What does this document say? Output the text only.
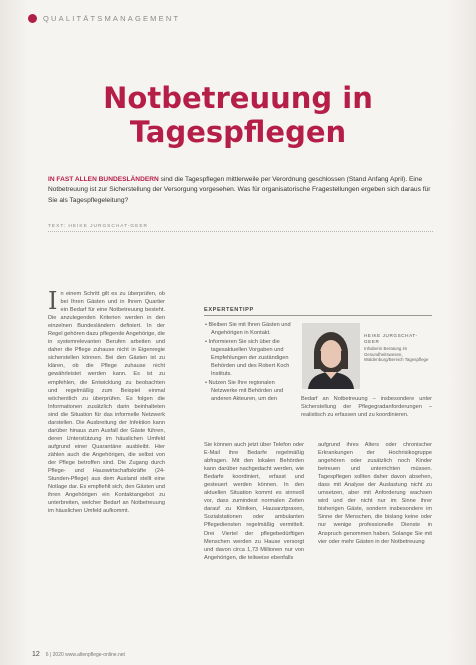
QUALITÄTSMANAGEMENT
Notbetreuung in
Tagespflegen
IN FAST ALLEN BUNDESLÄNDERN sind die Tagespflegen mittlerweile per Verordnung geschlossen (Stand Anfang April). Eine Notbetreuung ist zur Sicherstellung der Versorgung vorgesehen. Was für organisatorische Fragestellungen ergeben sich daraus für Sie als Tagespflegeleitung?
TEXT: HEIKE JURGSCHAT-GEER
In einem Schritt gilt es zu überprüfen, ob bei Ihren Gästen und in Ihrem Quartier ein Bedarf für eine Notbetreuung besteht. Die anzulegenden Kriterien werden in den einzelnen Bundesländern definiert. In der Regel gehören dazu pflegende Angehörige, die in systemrelevanten Berufen arbeiten und daher die Pflege zuhause nicht in Eigenregie sicherstellen können. Bei den Gästen ist zu klären, ob die Pflege zuhause nicht gewährleistet werden kann. Es ist zu empfehlen, die Entwicklung zu beobachten und regelmäßig zum Beispiel einmal wöchentlich zu überprüfen. Es folgen die Informationen zusätzlich darin beinhalteten sind die Situation für das informelle Netzwerk darstellen. Die Ausbreitung der Infektion kann darüber hinaus zum Ausfall der Gäste führen, deren Unterstützung im häuslichen Umfeld aufgrund einer Quarantäne ausbleibt. Hier zählen auch die Angehörigen, die selbst von der Pflege betroffen sind. Die Zugang durch Pflege- und Hauswirtschaftskräfte (24-Stunden-Pflege) aus dem Ausland stellt eine Notlage dar. Es empfiehlt sich, den Gästen und ihren Angehörigen ein Kontaktangebot zu unterbreiten, welcher Bedarf an Notbetreuung im häuslichen Umfeld aufkommt.
EXPERTENTIPP
• Bleiben Sie mit Ihren Gästen und Angehörigen in Kontakt.
• Informieren Sie sich über die tagesaktuellen Vorgaben und Empfehlungen der zuständigen Behörden und des Robert Koch Instituts.
• Nutzen Sie Ihre regionalen Netzwerke mit Behörden und anderen Akteuren, um den
HEIKE JURGSCHAT-GEER
Inhaberin Beratung im Gesundheitswesen, Waldenburg/Bereich Tagespflege
Bedarf an Notbetreuung – insbesondere unter Sicherstellung der Pflegegradanforderungen – realistisch zu erfassen und zu koordinieren.
Sie können auch jetzt über Telefon oder E-Mail ihre Bedarfe regelmäßig abfragen. Mit den lokalen Behörden kann darüber nachgedacht werden, wie Bedarfe koordiniert, erfasst und gesteuert werden können. In den aktuellen Situation kommt es sinnvoll vor, dass zumindest normalen Zeiten darauf zu Kliniken, Hausarztpraxen, Sozialstationen oder ambulanten Pflegediensten regelmäßig vermittelt. Drei Viertel der pflegebedürftigen Menschen werden zu Hause versorgt und davon circa 1,73 Millionen nur von Angehörigen, die teilweise ebenfalls
aufgrund ihres Alters oder chronischer Erkrankungen der Hochrisikogruppe angehören oder zusätzlich noch Kinder betreuen und unterrichten müssen. Tagespflegen sollten daher davon absehen, dass mit Analyse der Auslastung nicht zu umsetzen, aber mit Anforderung wachsen wird und der nicht nur im Sinne ihrer bisherigen Gäste, sondern insbesondere im Sinne der Menschen, die bislang keine oder nur wenige professionelle Dienste in Anspruch genommen haben. Solange Sie mit vier oder mehr Gästen in der Notbetreuung
12 6 | 2020 www.altenpflege-online.net
